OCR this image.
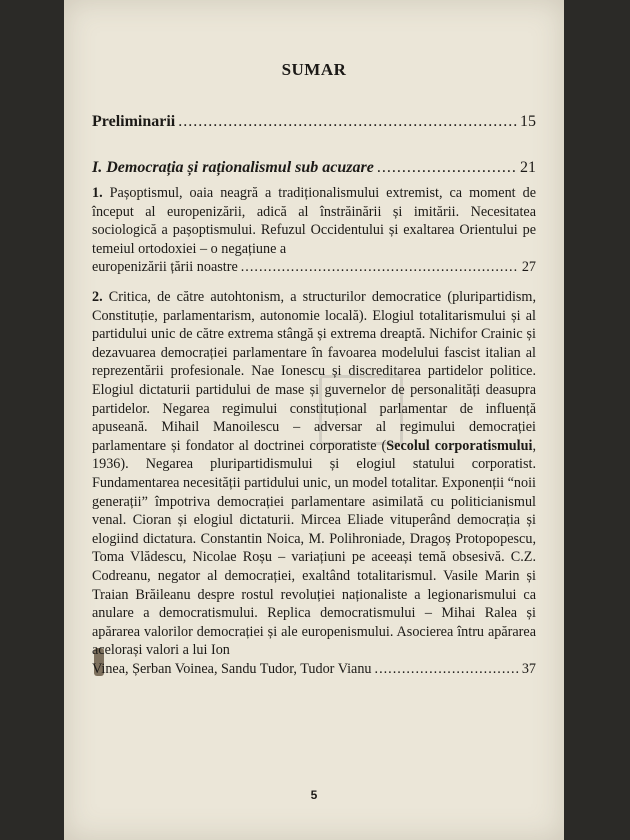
SUMAR
Preliminarii .....	15
I. Democrația și raționalismul sub acuzare .....	21
1. Pașoptismul, oaia neagră a tradiționalismului extremist, ca moment de început al europenizării, adică al înstrăinării și imitării. Necesitatea sociologică a pașoptismului. Refuzul Occidentului și exaltarea Orientului pe temeiul ortodoxiei – o negațiune a
europenizării țării noastre .....	27
2. Critica, de către autohtonism, a structurilor democratice (pluripartidism, Constituție, parlamentarism, autonomie locală). Elogiul totalitarismului și al partidului unic de către extrema stângă și extrema dreaptă. Nichifor Crainic și dezavuarea democrației parlamentare în favoarea modelului fascist italian al reprezentării profesionale. Nae Ionescu și discreditarea partidelor politice. Elogiul dictaturii partidului de mase și guvernelor de personalități deasupra partidelor. Negarea regimului constituțional parlamentar de influență apuseană. Mihail Manoilescu – adversar al regimului democrației parlamentare și fondator al doctrinei corporatiste (Secolul corporatismului, 1936). Negarea pluripartidismului și elogiul statului corporatist. Fundamentarea necesității partidului unic, un model totalitar. Exponenții “noii generații” împotriva democrației parlamentare asimilată cu politicianismul venal. Cioran și elogiul dictaturii. Mircea Eliade vituperând democrația și elogiind dictatura. Constantin Noica, M. Polihroniade, Dragoș Protopopescu, Toma Vlădescu, Nicolae Roșu – variațiuni pe aceeași temă obsesivă. C.Z. Codreanu, negator al democrației, exaltând totalitarismul. Vasile Marin și Traian Brăileanu despre rostul revoluției naționaliste a legionarismului ca anulare a democratismului. Replica democratismului – Mihai Ralea și apărarea valorilor democrației și ale europenismului. Asocierea întru apărarea acelorași valori a lui Ion
Vinea, Șerban Voinea, Sandu Tudor, Tudor Vianu .....	37
5
